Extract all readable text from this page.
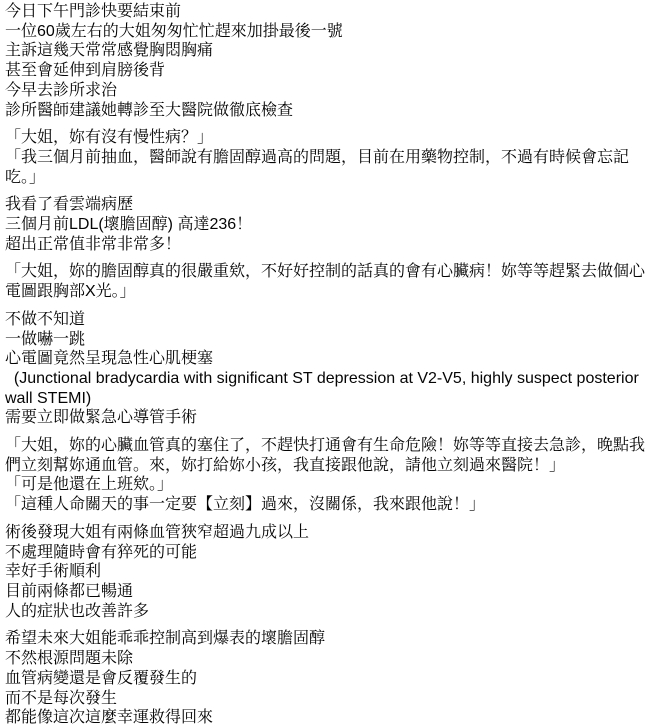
今日下午門診快要結束前
一位60歲左右的大姐匆匆忙忙趕來加掛最後一號
主訴這幾天常常感覺胸悶胸痛
甚至會延伸到肩膀後背
今早去診所求治
診所醫師建議她轉診至大醫院做徹底檢查
「大姐，妳有沒有慢性病？」
「我三個月前抽血，醫師說有膽固醇過高的問題，目前在用藥物控制，不過有時候會忘記吃。」
我看了看雲端病歷
三個月前LDL(壞膽固醇) 高達236！
超出正常值非常非常多！
「大姐，妳的膽固醇真的很嚴重欸，不好好控制的話真的會有心臟病！妳等等趕緊去做個心電圖跟胸部X光。」
不做不知道
一做嚇一跳
心電圖竟然呈現急性心肌梗塞
(Junctional bradycardia with significant ST depression at V2-V5, highly suspect posterior wall STEMI)
需要立即做緊急心導管手術
「大姐，妳的心臟血管真的塞住了，不趕快打通會有生命危險！妳等等直接去急診，晚點我們立刻幫妳通血管。來，妳打給妳小孩，我直接跟他說，請他立刻過來醫院！」
「可是他還在上班欸。」
「這種人命關天的事一定要【立刻】過來，沒關係，我來跟他說！」
術後發現大姐有兩條血管狹窄超過九成以上
不處理隨時會有猝死的可能
幸好手術順利
目前兩條都已暢通
人的症狀也改善許多
希望未來大姐能乖乖控制高到爆表的壞膽固醇
不然根源問題未除
血管病變還是會反覆發生的
而不是每次發生
都能像這次這麼幸運救得回來
